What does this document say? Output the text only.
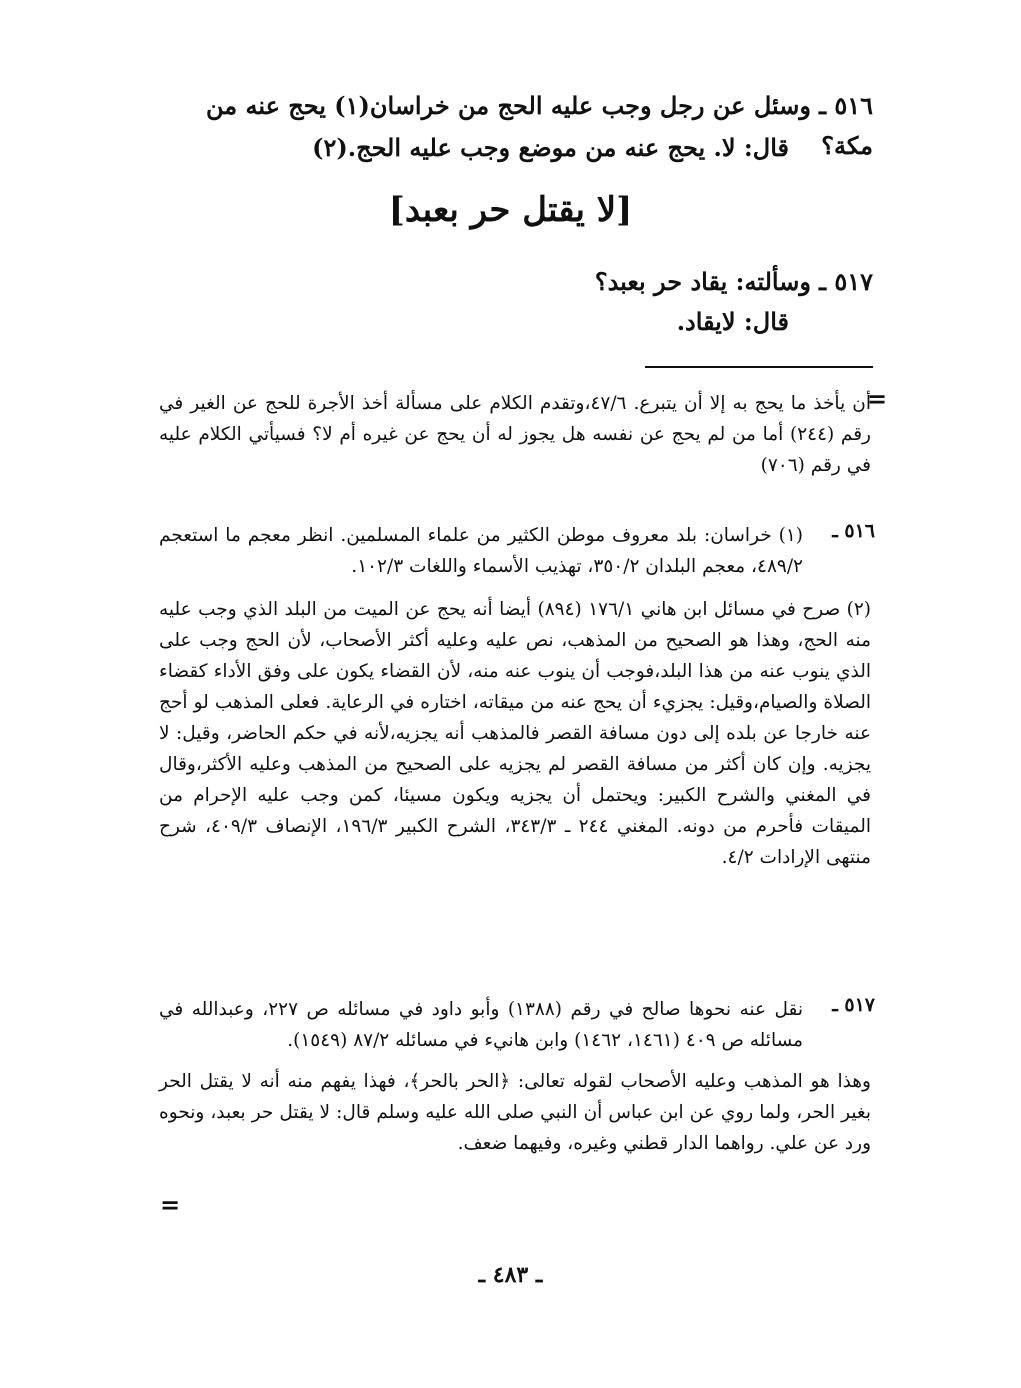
٥١٦ ـوسئل عن رجل وجب عليه الحج من خراسان(١) يحج عنه من مكة؟
قال: لا. يحج عنه من موضع وجب عليه الحج.(٢)
[لا يقتل حر بعبد]
٥١٧ ـوسألته: يقاد حر بعبد؟
قال: لايقاد.
=
أن يأخذ ما يحج به إلا أن يتبرع. ٤٧/٦،وتقدم الكلام على مسألة أخذ الأجرة للحج عن الغير في رقم (٢٤٤) أما من لم يحج عن نفسه هل يجوز له أن يحج عن غيره أم لا؟ فسيأتي الكلام عليه في رقم (٧٠٦)
٥١٦ ـ
(١) خراسان: بلد معروف موطن الكثير من علماء المسلمين. انظر معجم ما استعجم ٤٨٩/٢، معجم البلدان ٣٥٠/٢، تهذيب الأسماء واللغات ١٠٢/٣.
(٢) صرح في مسائل ابن هاني ١٧٦/١ (٨٩٤) أيضا أنه يحج عن الميت من البلد الذي وجب عليه منه الحج، وهذا هو الصحيح من المذهب، نص عليه وعليه أكثر الأصحاب، لأن الحج وجب على الذي ينوب عنه من هذا البلد،فوجب أن ينوب عنه منه، لأن القضاء يكون على وفق الأداء كقضاء الصلاة والصيام،وقيل: يجزيء أن يحج عنه من ميقاته، اختاره في الرعاية. فعلى المذهب لو أحج عنه خارجا عن بلده إلى دون مسافة القصر فالمذهب أنه يجزيه،لأنه في حكم الحاضر، وقيل: لا يجزيه. وإن كان أكثر من مسافة القصر لم يجزيه على الصحيح من المذهب وعليه الأكثر،وقال في المغني والشرح الكبير: ويحتمل أن يجزيه ويكون مسيئا، كمن وجب عليه الإحرام من الميقات فأحرم من دونه. المغني ٢٤٤ ـ ٣٤٣/٣، الشرح الكبير ١٩٦/٣، الإنصاف ٤٠٩/٣، شرح منتهى الإرادات ٤/٢.
٥١٧ ـ
نقل عنه نحوها صالح في رقم (١٣٨٨) وأبو داود في مسائله ص ٢٢٧، وعبدالله في مسائله ص ٤٠٩ (١٤٦١، ١٤٦٢) وابن هانيء في مسائله ٨٧/٢ (١٥٤٩).
وهذا هو المذهب وعليه الأصحاب لقوله تعالى: ﴿الحر بالحر﴾، فهذا يفهم منه أنه لا يقتل الحر بغير الحر، ولما روي عن ابن عباس أن النبي صلى الله عليه وسلم قال: لا يقتل حر بعبد، ونحوه ورد عن علي. رواهما الدار قطني وغيره، وفيهما ضعف.
=
ـ ٤٨٣ ـ
